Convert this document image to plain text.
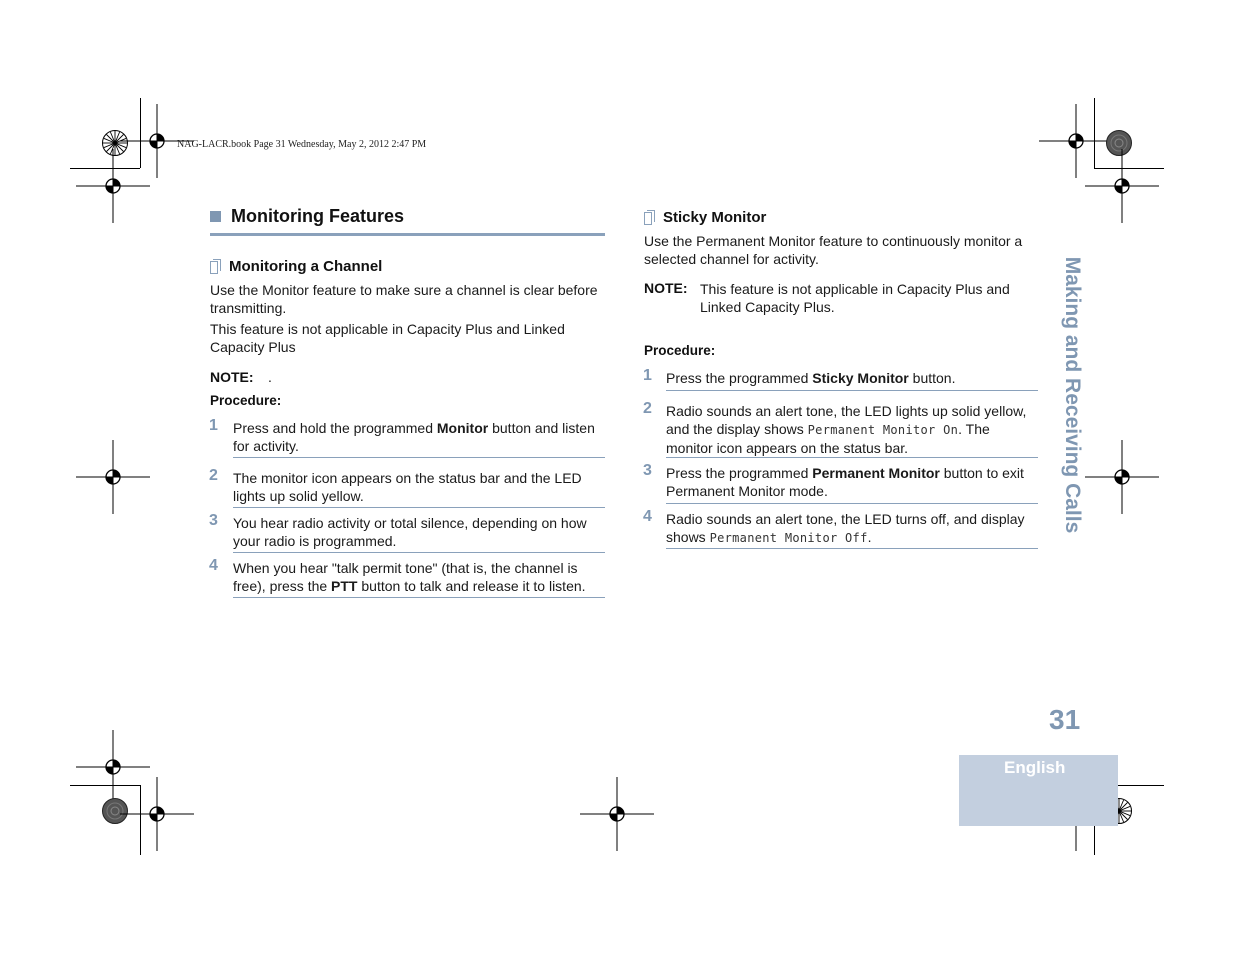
NAG-LACR.book Page 31 Wednesday, May 2, 2012 2:47 PM
Monitoring Features
Monitoring a Channel
Use the Monitor feature to make sure a channel is clear before transmitting.
This feature is not applicable in Capacity Plus and Linked Capacity Plus
NOTE: .
Procedure:
1 Press and hold the programmed Monitor button and listen for activity.
2 The monitor icon appears on the status bar and the LED lights up solid yellow.
3 You hear radio activity or total silence, depending on how your radio is programmed.
4 When you hear "talk permit tone" (that is, the channel is free), press the PTT button to talk and release it to listen.
Sticky Monitor
Use the Permanent Monitor feature to continuously monitor a selected channel for activity.
NOTE: This feature is not applicable in Capacity Plus and Linked Capacity Plus.
Procedure:
1 Press the programmed Sticky Monitor button.
2 Radio sounds an alert tone, the LED lights up solid yellow, and the display shows Permanent Monitor On. The monitor icon appears on the status bar.
3 Press the programmed Permanent Monitor button to exit Permanent Monitor mode.
4 Radio sounds an alert tone, the LED turns off, and display shows Permanent Monitor Off.
Making and Receiving Calls
31
English
